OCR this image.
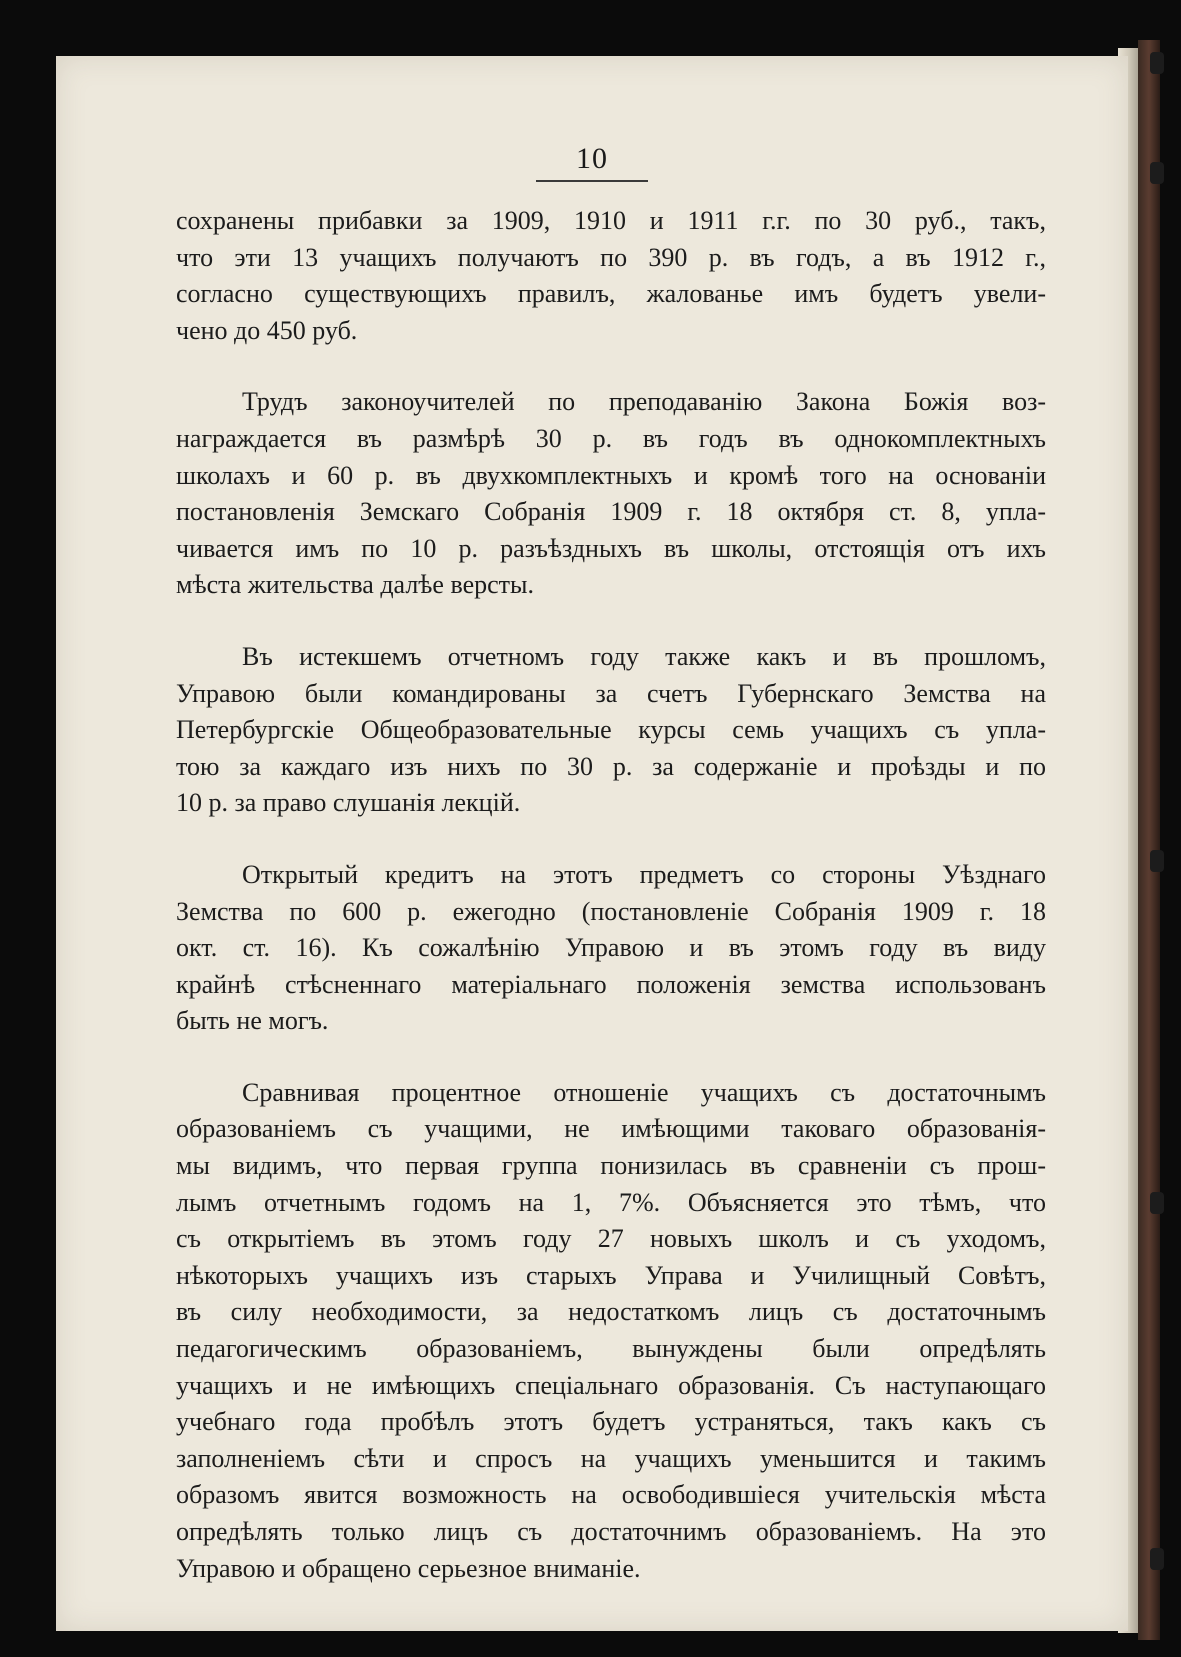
10
сохранены прибавки за 1909, 1910 и 1911 г.г. по 30 руб., такъ,
что эти 13 учащихъ получаютъ по 390 р. въ годъ, а въ 1912 г.,
согласно существующихъ правилъ, жалованье имъ будетъ увели-
чено до 450 руб.
Трудъ законоучителей по преподаванію Закона Божія воз-
награждается въ размѣрѣ 30 р. въ годъ въ однокомплектныхъ
школахъ и 60 р. въ двухкомплектныхъ и кромѣ того на основаніи
постановленія Земскаго Собранія 1909 г. 18 октября ст. 8, упла-
чивается имъ по 10 р. разъѣздныхъ въ школы, отстоящія отъ ихъ
мѣста жительства далѣе версты.
Въ истекшемъ отчетномъ году также какъ и въ прошломъ,
Управою были командированы за счетъ Губернскаго Земства на
Петербургскіе Общеобразовательные курсы семь учащихъ съ упла-
тою за каждаго изъ нихъ по 30 р. за содержаніе и проѣзды и по
10 р. за право слушанія лекцій.
Открытый кредитъ на этотъ предметъ со стороны Уѣзднаго
Земства по 600 р. ежегодно (постановленіе Собранія 1909 г. 18
окт. ст. 16). Къ сожалѣнію Управою и въ этомъ году въ виду
крайнѣ стѣсненнаго матеріальнаго положенія земства использованъ
быть не могъ.
Сравнивая процентное отношеніе учащихъ съ достаточнымъ
образованіемъ съ учащими, не имѣющими таковаго образованія-
мы видимъ, что первая группа понизилась въ сравненіи съ прош-
лымъ отчетнымъ годомъ на 1, 7%. Объясняется это тѣмъ, что
съ открытіемъ въ этомъ году 27 новыхъ школъ и съ уходомъ,
нѣкоторыхъ учащихъ изъ старыхъ Управа и Училищный Совѣтъ,
въ силу необходимости, за недостаткомъ лицъ съ достаточнымъ
педагогическимъ образованіемъ, вынуждены были опредѣлять
учащихъ и не имѣющихъ спеціальнаго образованія. Съ наступающаго
учебнаго года пробѣлъ этотъ будетъ устраняться, такъ какъ съ
заполненіемъ сѣти и спросъ на учащихъ уменьшится и такимъ
образомъ явится возможность на освободившіеся учительскія мѣста
опредѣлять только лицъ съ достаточнимъ образованіемъ. На это
Управою и обращено серьезное вниманіе.
